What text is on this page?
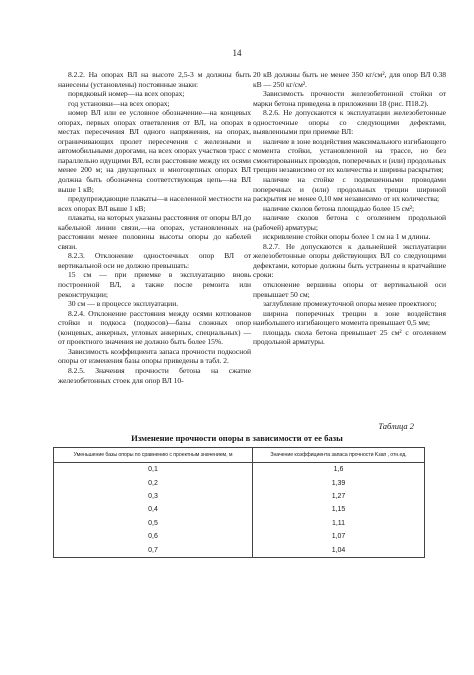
14

8.2.2. На опорах ВЛ на высоте 2,5-3 м должны быть нанесены (установлены) постоянные знаки:

порядковый номер—на всех опорах;

год установки—на всех опорах;

номер ВЛ или ее условное обозначение—на концевых опорах, первых опорах ответвления от ВЛ, на опорах в местах пересечения ВЛ одного напряжения, на опорах, ограничивающих пролет пересечения с железными и автомобильными дорогами, на всех опорах участков трасс с параллельно идущими ВЛ, если расстояние между их осями менее 200 м; на двухцепных и многоцепных опорах ВЛ должна быть обозначена соответствующая цепь—на ВЛ выше 1 кВ;

предупреждающие плакаты—в населенной местности на всех опорах ВЛ выше 1 кВ;

плакаты, на которых указаны расстояния от опоры ВЛ до кабельной линии связи,—на опорах, установленных на расстоянии менее половины высоты опоры до кабелей связи.

8.2.3. Отклонение одностоечных опор ВЛ от вертикальной оси не должно превышать:

15 см — при приемке в эксплуатацию вновь построенной ВЛ, а также после ремонта или реконструкции;

30 см — в процессе эксплуатации.

8.2.4. Отклонение расстояния между осями котлованов стойки и подкоса (подкосов)—базы сложных опор (концевых, анкерных, угловых анкерных, специальных) — от проектного значения не должно быть более 15%.

Зависимость коэффициента запаса прочности подкосной опоры от изменения базы опоры приведены в табл. 2.

8.2.5. Значения прочности бетона на сжатие железобетонных стоек для опор ВЛ 10-

20 кВ должны быть не менее 350 кг/см², для опор ВЛ 0.38 кВ — 250 кг/см².

Зависимость прочности железобетонной стойки от марки бетона приведена в приложении 18 (рис. П18.2).

8.2.6. Не допускаются к эксплуатации железобетонные одностоечные опоры со следующими дефектами, выявленными при приемке ВЛ:

наличие в зоне воздействия максимального изгибающего момента стойки, установленной на трассе, но без смонтированных проводов, поперечных и (или) продольных трещин независимо от их количества и ширины раскрытия;

наличие на стойке с подвешенными проводами поперечных и (или) продольных трещин шириной раскрытия не менее 0,10 мм независимо от их количества;

наличие сколов бетона площадью более 15 см²;

наличие сколов бетона с оголением продольной (рабочей) арматуры;

искривление стойки опоры более 1 см на 1 м длины.

8.2.7. Не допускаются к дальнейшей эксплуатации железобетонные опоры действующих ВЛ со следующими дефектами, которые должны быть устранены в кратчайшие сроки:

отклонение вершины опоры от вертикальной оси превышает 50 см;

заглубление промежуточной опоры менее проектного;

ширина поперечных трещин в зоне воздействия наибольшего изгибающего момента превышает 0,5 мм;

площадь скола бетона превышает 25 см² с оголением продольной арматуры.

Таблица 2
Изменение прочности опоры в зависимости от ее базы
Уменьшение базы опоры по сравнению с проектным значением, м	Значение коэффициента запаса прочности Kзап , отн.ед.
0,1	1,6
0,2	1,39
0,3	1,27
0,4	1,15
0,5	1,11
0,6	1,07
0,7	1,04
